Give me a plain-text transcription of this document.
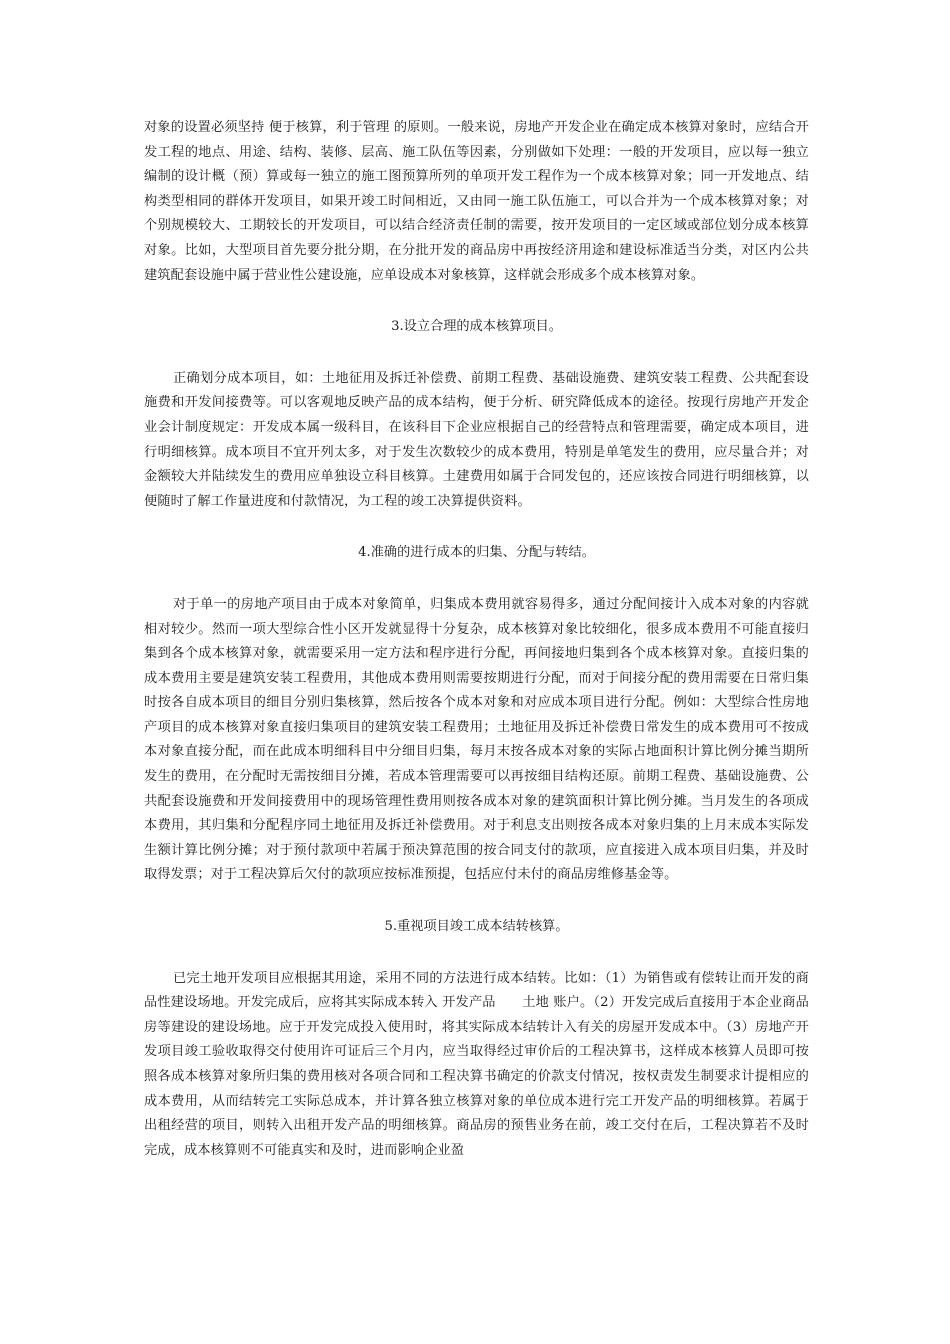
对象的设置必须坚持 便于核算，利于管理 的原则。一般来说，房地产开发企业在确定成本核算对象时，应结合开发工程的地点、用途、结构、装修、层高、施工队伍等因素，分别做如下处理：一般的开发项目，应以每一独立编制的设计概（预）算或每一独立的施工图预算所列的单项开发工程作为一个成本核算对象；同一开发地点、结构类型相同的群体开发项目，如果开竣工时间相近，又由同一施工队伍施工，可以合并为一个成本核算对象；对个别规模较大、工期较长的开发项目，可以结合经济责任制的需要，按开发项目的一定区域或部位划分成本核算对象。比如，大型项目首先要分批分期，在分批开发的商品房中再按经济用途和建设标准适当分类，对区内公共建筑配套设施中属于营业性公建设施，应单设成本对象核算，这样就会形成多个成本核算对象。

3.设立合理的成本核算项目。

正确划分成本项目，如：土地征用及拆迁补偿费、前期工程费、基础设施费、建筑安装工程费、公共配套设施费和开发间接费等。可以客观地反映产品的成本结构，便于分析、研究降低成本的途径。按现行房地产开发企业会计制度规定：开发成本属一级科目，在该科目下企业应根据自己的经营特点和管理需要，确定成本项目，进行明细核算。成本项目不宜开列太多，对于发生次数较少的成本费用，特别是单笔发生的费用，应尽量合并；对金额较大并陆续发生的费用应单独设立科目核算。土建费用如属于合同发包的，还应该按合同进行明细核算，以便随时了解工作量进度和付款情况，为工程的竣工决算提供资料。

4.准确的进行成本的归集、分配与转结。

对于单一的房地产项目由于成本对象简单，归集成本费用就容易得多，通过分配间接计入成本对象的内容就相对较少。然而一项大型综合性小区开发就显得十分复杂，成本核算对象比较细化，很多成本费用不可能直接归集到各个成本核算对象，就需要采用一定方法和程序进行分配，再间接地归集到各个成本核算对象。直接归集的成本费用主要是建筑安装工程费用，其他成本费用则需要按期进行分配，而对于间接分配的费用需要在日常归集时按各自成本项目的细目分别归集核算，然后按各个成本对象和对应成本项目进行分配。例如：大型综合性房地产项目的成本核算对象直接归集项目的建筑安装工程费用；土地征用及拆迁补偿费日常发生的成本费用可不按成本对象直接分配，而在此成本明细科目中分细目归集，每月末按各成本对象的实际占地面积计算比例分摊当期所发生的费用，在分配时无需按细目分摊，若成本管理需要可以再按细目结构还原。前期工程费、基础设施费、公共配套设施费和开发间接费用中的现场管理性费用则按各成本对象的建筑面积计算比例分摊。当月发生的各项成本费用，其归集和分配程序同土地征用及拆迁补偿费用。对于利息支出则按各成本对象归集的上月末成本实际发生额计算比例分摊；对于预付款项中若属于预决算范围的按合同支付的款项，应直接进入成本项目归集，并及时取得发票；对于工程决算后欠付的款项应按标准预提，包括应付未付的商品房维修基金等。

5.重视项目竣工成本结转核算。

已完土地开发项目应根据其用途，采用不同的方法进行成本结转。比如：（1）为销售或有偿转让而开发的商品性建设场地。开发完成后，应将其实际成本转入 开发产品　　土地 账户。（2）开发完成后直接用于本企业商品房等建设的建设场地。应于开发完成投入使用时，将其实际成本结转计入有关的房屋开发成本中。（3）房地产开发项目竣工验收取得交付使用许可证后三个月内，应当取得经过审价后的工程决算书，这样成本核算人员即可按照各成本核算对象所归集的费用核对各项合同和工程决算书确定的价款支付情况，按权责发生制要求计提相应的成本费用，从而结转完工实际总成本，并计算各独立核算对象的单位成本进行完工开发产品的明细核算。若属于出租经营的项目，则转入出租开发产品的明细核算。商品房的预售业务在前，竣工交付在后，工程决算若不及时完成，成本核算则不可能真实和及时，进而影响企业盈
